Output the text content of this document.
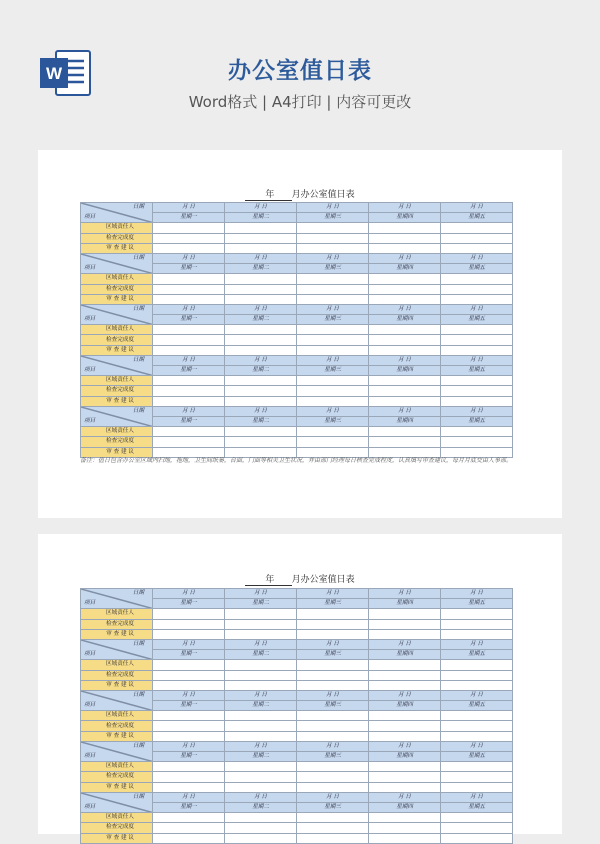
W	办公室值日表
Word格式 | A4打印 | 内容可更改
年 月办公室值日表
日期
项目	月 日	月 日	月 日	月 日	月 日
	星期一	星期二	星期三	星期四	星期五
区域责任人					
检查完成度					
审 查 建 议					

日期
项目	月 日	月 日	月 日	月 日	月 日
	星期一	星期二	星期三	星期四	星期五
区域责任人					
检查完成度					
审 查 建 议					

日期
项目	月 日	月 日	月 日	月 日	月 日
	星期一	星期二	星期三	星期四	星期五
区域责任人					
检查完成度					
审 查 建 议					

日期
项目	月 日	月 日	月 日	月 日	月 日
	星期一	星期二	星期三	星期四	星期五
区域责任人					
检查完成度					
审 查 建 议					

日期
项目	月 日	月 日	月 日	月 日	月 日
	星期一	星期二	星期三	星期四	星期五
区域责任人					
检查完成度					
审 查 建 议					
备注：值日包含办公室区域内扫地，拖地，卫生间纸篓，台面，门面等相关卫生状况，并由部门经理每日核查完成程度，认真填写审查建议，每月月底交由人事部。
年 月办公室值日表
日期
项目	月 日	月 日	月 日	月 日	月 日
	星期一	星期二	星期三	星期四	星期五
区域责任人					
检查完成度					
审 查 建 议					

日期
项目	月 日	月 日	月 日	月 日	月 日
	星期一	星期二	星期三	星期四	星期五
区域责任人					
检查完成度					
审 查 建 议					

日期
项目	月 日	月 日	月 日	月 日	月 日
	星期一	星期二	星期三	星期四	星期五
区域责任人					
检查完成度					
审 查 建 议					

日期
项目	月 日	月 日	月 日	月 日	月 日
	星期一	星期二	星期三	星期四	星期五
区域责任人					
检查完成度					
审 查 建 议					

日期
项目	月 日	月 日	月 日	月 日	月 日
	星期一	星期二	星期三	星期四	星期五
区域责任人					
检查完成度					
审 查 建 议					
